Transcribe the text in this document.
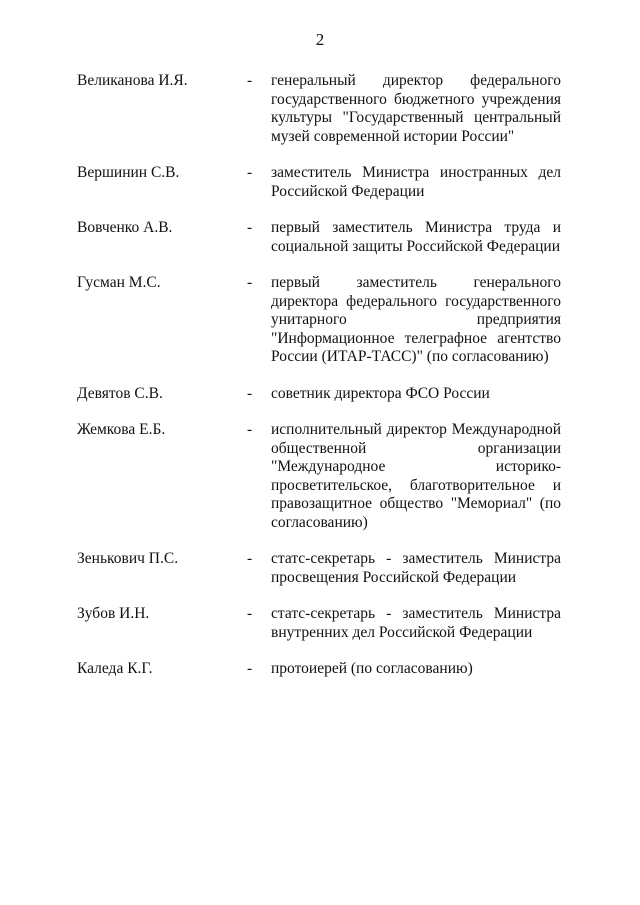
2
Великанова И.Я.	-	генеральный директор федерального государственного бюджетного учреждения культуры "Государственный центральный музей современной истории России"
Вершинин С.В.	-	заместитель Министра иностранных дел Российской Федерации
Вовченко А.В.	-	первый заместитель Министра труда и социальной защиты Российской Федерации
Гусман М.С.	-	первый заместитель генерального директора федерального государственного унитарного предприятия "Информационное телеграфное агентство России (ИТАР-ТАСС)" (по согласованию)
Девятов С.В.	-	советник директора ФСО России
Жемкова Е.Б.	-	исполнительный директор Международной общественной организации "Международное историко-просветительское, благотворительное и правозащитное общество "Мемориал" (по согласованию)
Зенькович П.С.	-	статс-секретарь - заместитель Министра просвещения Российской Федерации
Зубов И.Н.	-	статс-секретарь - заместитель Министра внутренних дел Российской Федерации
Каледа К.Г.	-	протоиерей (по согласованию)
